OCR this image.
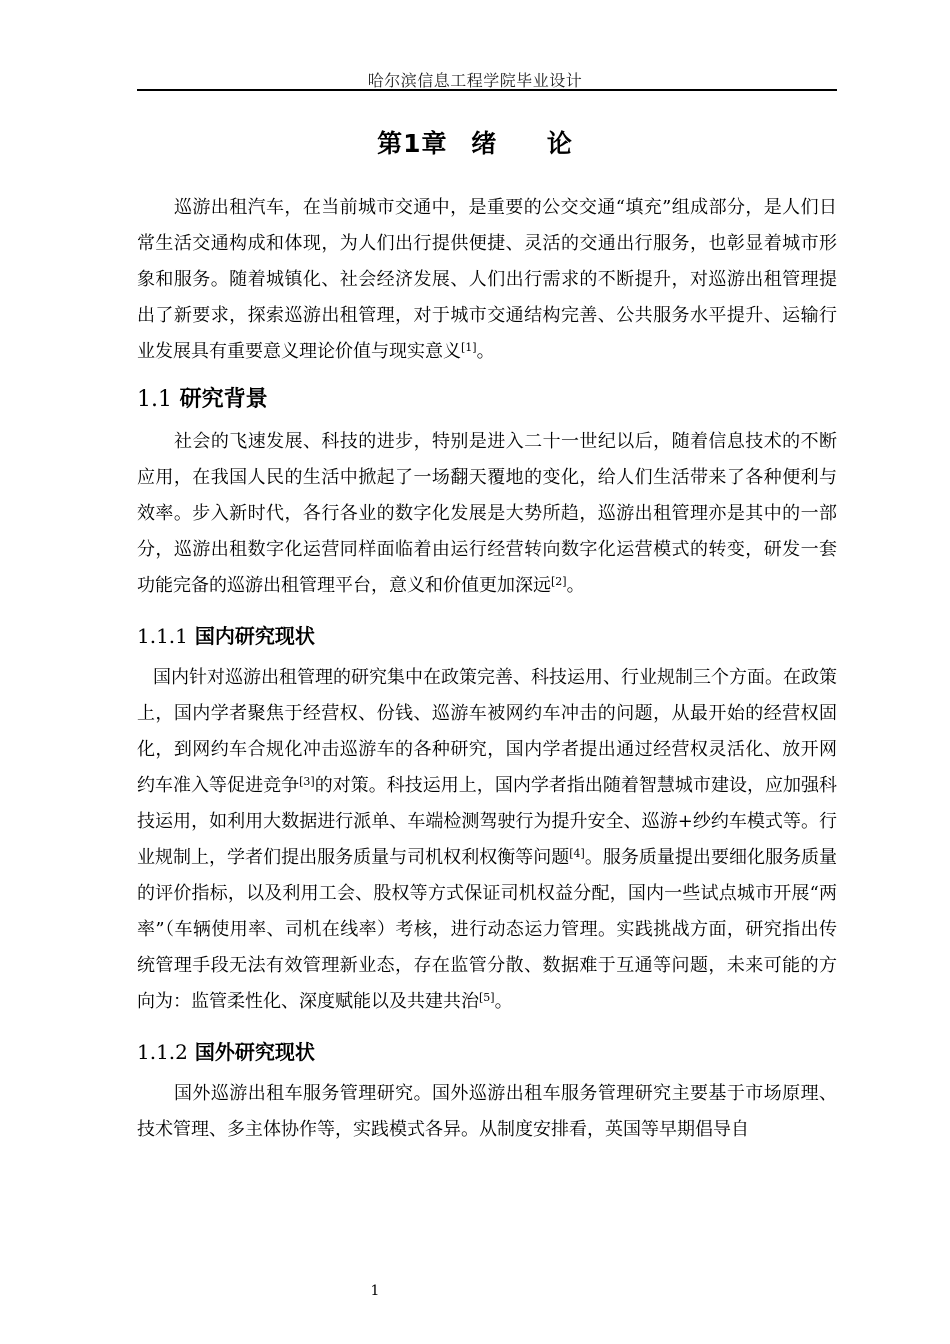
哈尔滨信息工程学院毕业设计
第1章 绪　 论

巡游出租汽车，在当前城市交通中，是重要的公交交通“填充”组成部分，是人们日常生活交通构成和体现，为人们出行提供便捷、灵活的交通出行服务，也彰显着城市形象和服务。随着城镇化、社会经济发展、人们出行需求的不断提升，对巡游出租管理提出了新要求，探索巡游出租管理，对于城市交通结构完善、公共服务水平提升、运输行业发展具有重要意义理论价值与现实意义[1]。

1.1 研究背景

社会的飞速发展、科技的进步，特别是进入二十一世纪以后，随着信息技术的不断应用，在我国人民的生活中掀起了一场翻天覆地的变化，给人们生活带来了各种便利与效率。步入新时代，各行各业的数字化发展是大势所趋，巡游出租管理亦是其中的一部分，巡游出租数字化运营同样面临着由运行经营转向数字化运营模式的转变，研发一套功能完备的巡游出租管理平台，意义和价值更加深远[2]。

1.1.1 国内研究现状

国内针对巡游出租管理的研究集中在政策完善、科技运用、行业规制三个方面。在政策上，国内学者聚焦于经营权、份钱、巡游车被网约车冲击的问题，从最开始的经营权固化，到网约车合规化冲击巡游车的各种研究，国内学者提出通过经营权灵活化、放开网约车准入等促进竞争[3]的对策。科技运用上，国内学者指出随着智慧城市建设，应加强科技运用，如利用大数据进行派单、车端检测驾驶行为提升安全、巡游+纱约车模式等。行业规制上，学者们提出服务质量与司机权利权衡等问题[4]。服务质量提出要细化服务质量的评价指标，以及利用工会、股权等方式保证司机权益分配，国内一些试点城市开展“两率”（车辆使用率、司机在线率）考核，进行动态运力管理。实践挑战方面，研究指出传统管理手段无法有效管理新业态，存在监管分散、数据难于互通等问题，未来可能的方向为：监管柔性化、深度赋能以及共建共治[5]。

1.1.2 国外研究现状

国外巡游出租车服务管理研究。国外巡游出租车服务管理研究主要基于市场原理、技术管理、多主体协作等，实践模式各异。从制度安排看，英国等早期倡导自

1
